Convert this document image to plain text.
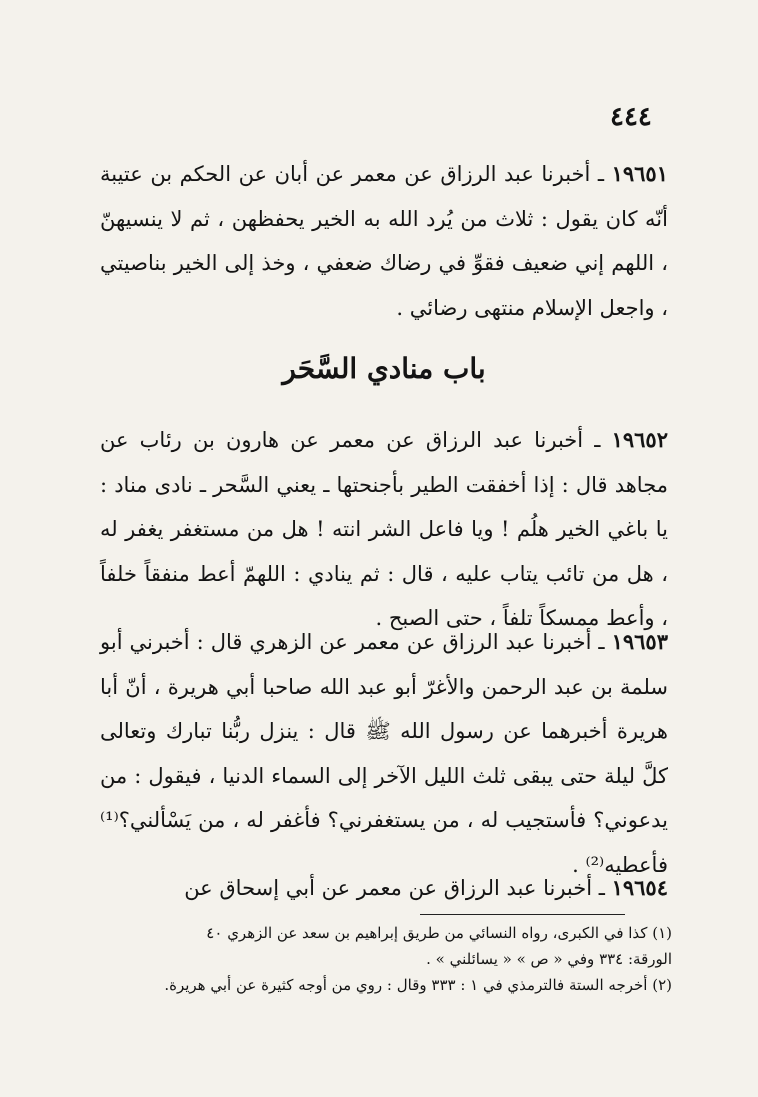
٤٤٤

١٩٦٥١ ـ أخبرنا عبد الرزاق عن معمر عن أبان عن الحكم بن عتيبة أنّه كان يقول : ثلاث من يُرد الله به الخير يحفظهن ، ثم لا ينسيهنّ ، اللهم إني ضعيف فقوِّ في رضاك ضعفي ، وخذ إلى الخير بناصيتي ، واجعل الإسلام منتهى رضائي .

باب منادي السَّحَر

١٩٦٥٢ ـ أخبرنا عبد الرزاق عن معمر عن هارون بن رئاب عن مجاهد قال : إذا أخفقت الطير بأجنحتها ـ يعني السَّحر ـ نادى مناد : يا باغي الخير هلُم ! ويا فاعل الشر انته ! هل من مستغفر يغفر له ، هل من تائب يتاب عليه ، قال : ثم ينادي : اللهمّ أعط منفقاً خلفاً ، وأعط ممسكاً تلفاً ، حتى الصبح .

١٩٦٥٣ ـ أخبرنا عبد الرزاق عن معمر عن الزهري قال : أخبرني أبو سلمة بن عبد الرحمن والأغرّ أبو عبد الله صاحبا أبي هريرة ، أنّ أبا هريرة أخبرهما عن رسول الله ﷺ قال : ينزل ربُّنا تبارك وتعالى كلَّ ليلة حتى يبقى ثلث الليل الآخر إلى السماء الدنيا ، فيقول : من يدعوني؟ فأستجيب له ، من يستغفرني؟ فأغفر له ، من يَسْألني؟⁽¹⁾ فأعطيه⁽²⁾ .

١٩٦٥٤ ـ أخبرنا عبد الرزاق عن معمر عن أبي إسحاق عن

(١) كذا في الكبرى، رواه النسائي من طريق إبراهيم بن سعد عن الزهري ٤٠

الورقة: ٣٣٤ وفي « ص » « يسائلني » .

(٢) أخرجه الستة فالترمذي في ١ : ٣٣٣ وقال : روي من أوجه كثيرة عن أبي هريرة.
